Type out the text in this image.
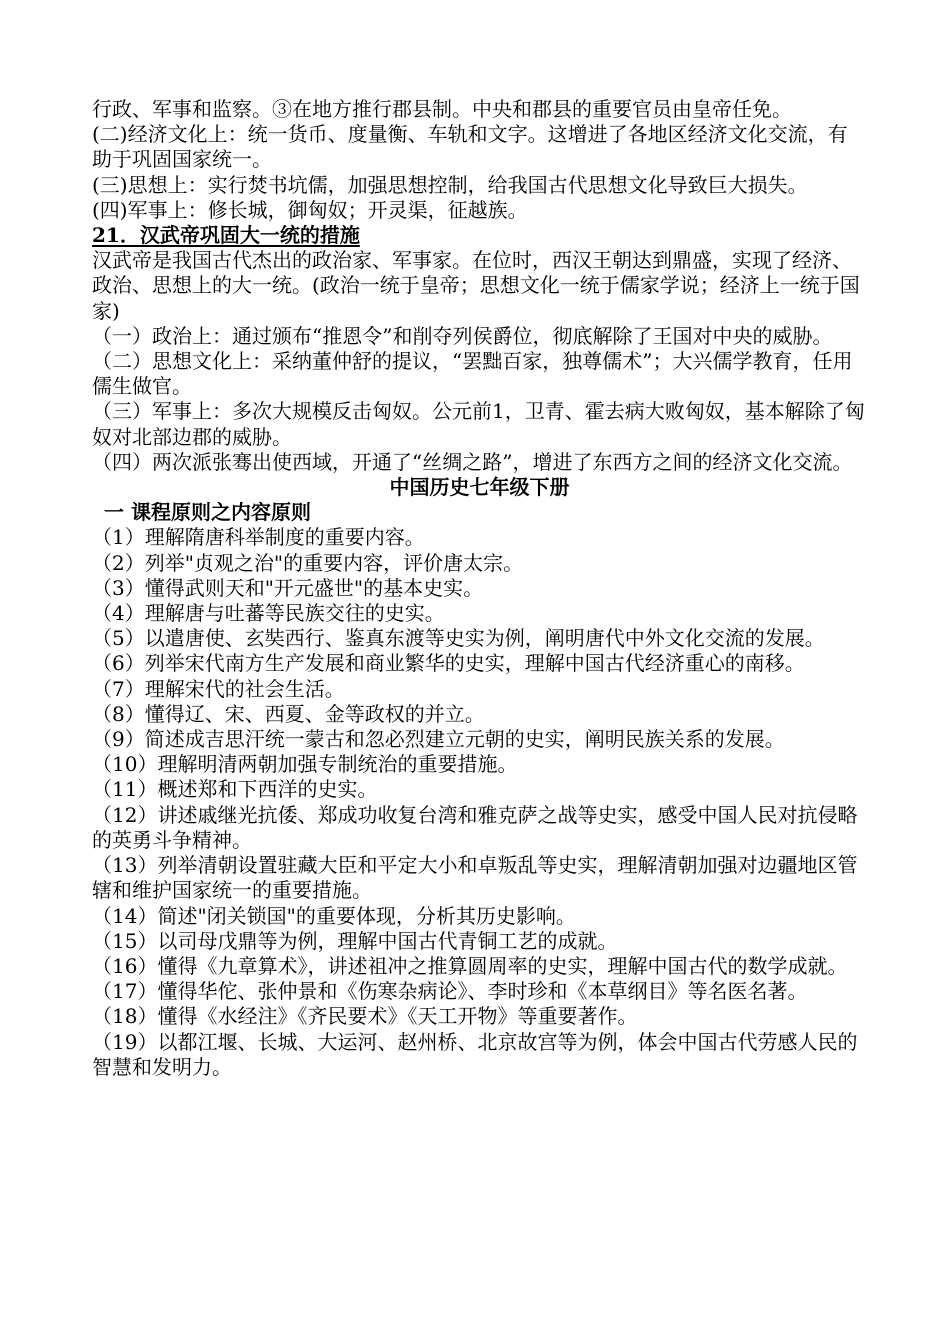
行政、军事和监察。③在地方推行郡县制。中央和郡县的重要官员由皇帝任免。

(二)经济文化上：统一货币、度量衡、车轨和文字。这增进了各地区经济文化交流，有助于巩固国家统一。

(三)思想上：实行焚书坑儒，加强思想控制，给我国古代思想文化导致巨大损失。

(四)军事上：修长城，御匈奴；开灵渠，征越族。

21．汉武帝巩固大一统的措施

汉武帝是我国古代杰出的政治家、军事家。在位时，西汉王朝达到鼎盛，实现了经济、政治、思想上的大一统。(政治一统于皇帝；思想文化一统于儒家学说；经济上一统于国家)

（一）政治上：通过颁布“推恩令”和削夺列侯爵位，彻底解除了王国对中央的威胁。

（二）思想文化上：采纳董仲舒的提议，“罢黜百家，独尊儒术”；大兴儒学教育，任用儒生做官。

（三）军事上：多次大规模反击匈奴。公元前1，卫青、霍去病大败匈奴，基本解除了匈奴对北部边郡的威胁。

（四）两次派张骞出使西域，开通了“丝绸之路”，增进了东西方之间的经济文化交流。

中国历史七年级下册

一 课程原则之内容原则

（1）理解隋唐科举制度的重要内容。

（2）列举"贞观之治"的重要内容，评价唐太宗。

（3）懂得武则天和"开元盛世"的基本史实。

（4）理解唐与吐蕃等民族交往的史实。

（5）以遣唐使、玄奘西行、鉴真东渡等史实为例，阐明唐代中外文化交流的发展。

（6）列举宋代南方生产发展和商业繁华的史实，理解中国古代经济重心的南移。

（7）理解宋代的社会生活。

（8）懂得辽、宋、西夏、金等政权的并立。

（9）简述成吉思汗统一蒙古和忽必烈建立元朝的史实，阐明民族关系的发展。

（10）理解明清两朝加强专制统治的重要措施。

（11）概述郑和下西洋的史实。

（12）讲述戚继光抗倭、郑成功收复台湾和雅克萨之战等史实，感受中国人民对抗侵略的英勇斗争精神。

（13）列举清朝设置驻藏大臣和平定大小和卓叛乱等史实，理解清朝加强对边疆地区管辖和维护国家统一的重要措施。

（14）简述"闭关锁国"的重要体现，分析其历史影响。

（15）以司母戊鼎等为例，理解中国古代青铜工艺的成就。

（16）懂得《九章算术》，讲述祖冲之推算圆周率的史实，理解中国古代的数学成就。

（17）懂得华佗、张仲景和《伤寒杂病论》、李时珍和《本草纲目》等名医名著。

（18）懂得《水经注》《齐民要术》《天工开物》等重要著作。

（19）以都江堰、长城、大运河、赵州桥、北京故宫等为例，体会中国古代劳感人民的智慧和发明力。
